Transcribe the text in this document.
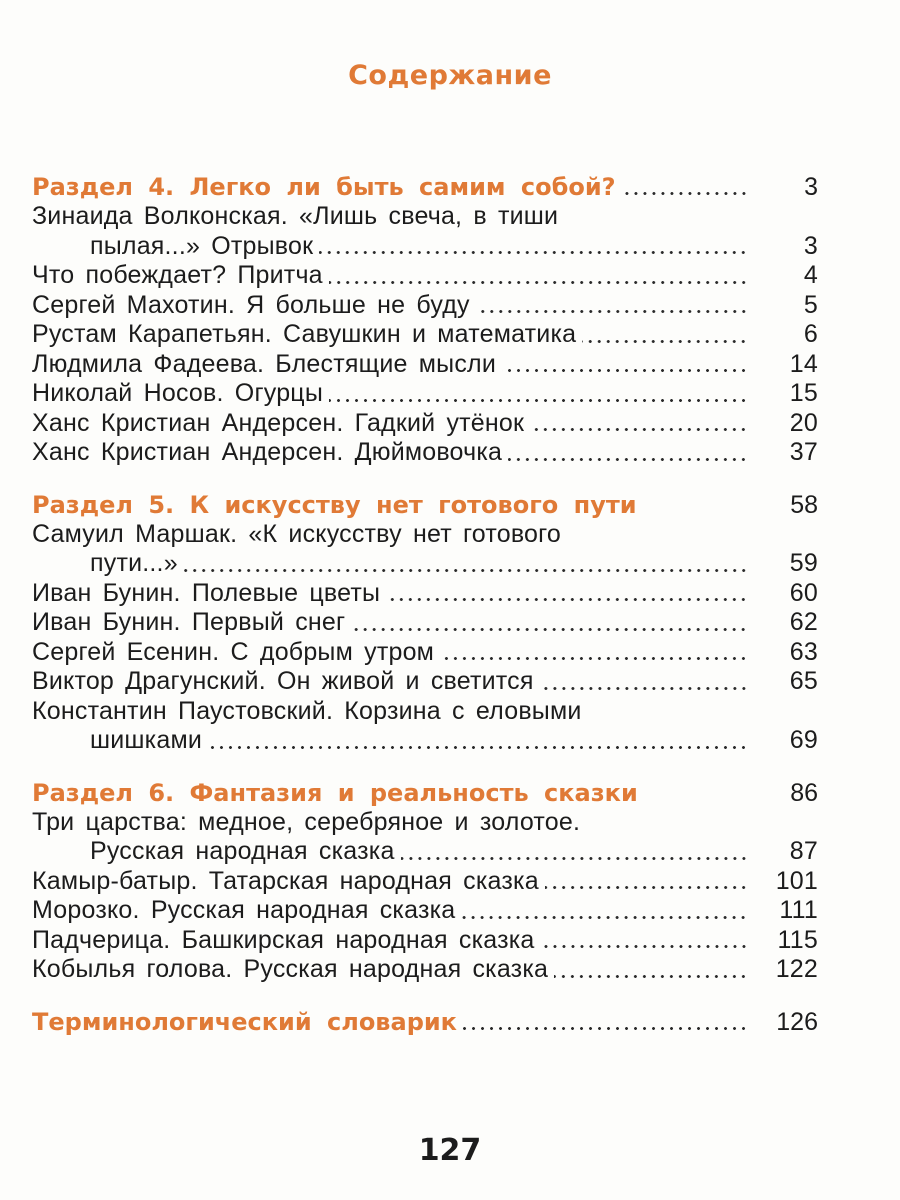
Содержание
Раздел 4. Легко ли быть самим собой?	3
Зинаида Волконская. «Лишь свеча, в тиши
пылая...» Отрывок	3
Что побеждает? Притча	4
Сергей Махотин. Я больше не буду	5
Рустам Карапетьян. Савушкин и математика	6
Людмила Фадеева. Блестящие мысли	14
Николай Носов. Огурцы	15
Ханс Кристиан Андерсен. Гадкий утёнок	20
Ханс Кристиан Андерсен. Дюймовочка	37
Раздел 5. К искусству нет готового пути	58
Самуил Маршак. «К искусству нет готового
пути...»	59
Иван Бунин. Полевые цветы	60
Иван Бунин. Первый снег	62
Сергей Есенин. С добрым утром	63
Виктор Драгунский. Он живой и светится	65
Константин Паустовский. Корзина с еловыми
шишками	69
Раздел 6. Фантазия и реальность сказки	86
Три царства: медное, серебряное и золотое.
Русская народная сказка	87
Камыр-батыр. Татарская народная сказка	101
Морозко. Русская народная сказка	111
Падчерица. Башкирская народная сказка	115
Кобылья голова. Русская народная сказка	122
Терминологический словарик	126
127
